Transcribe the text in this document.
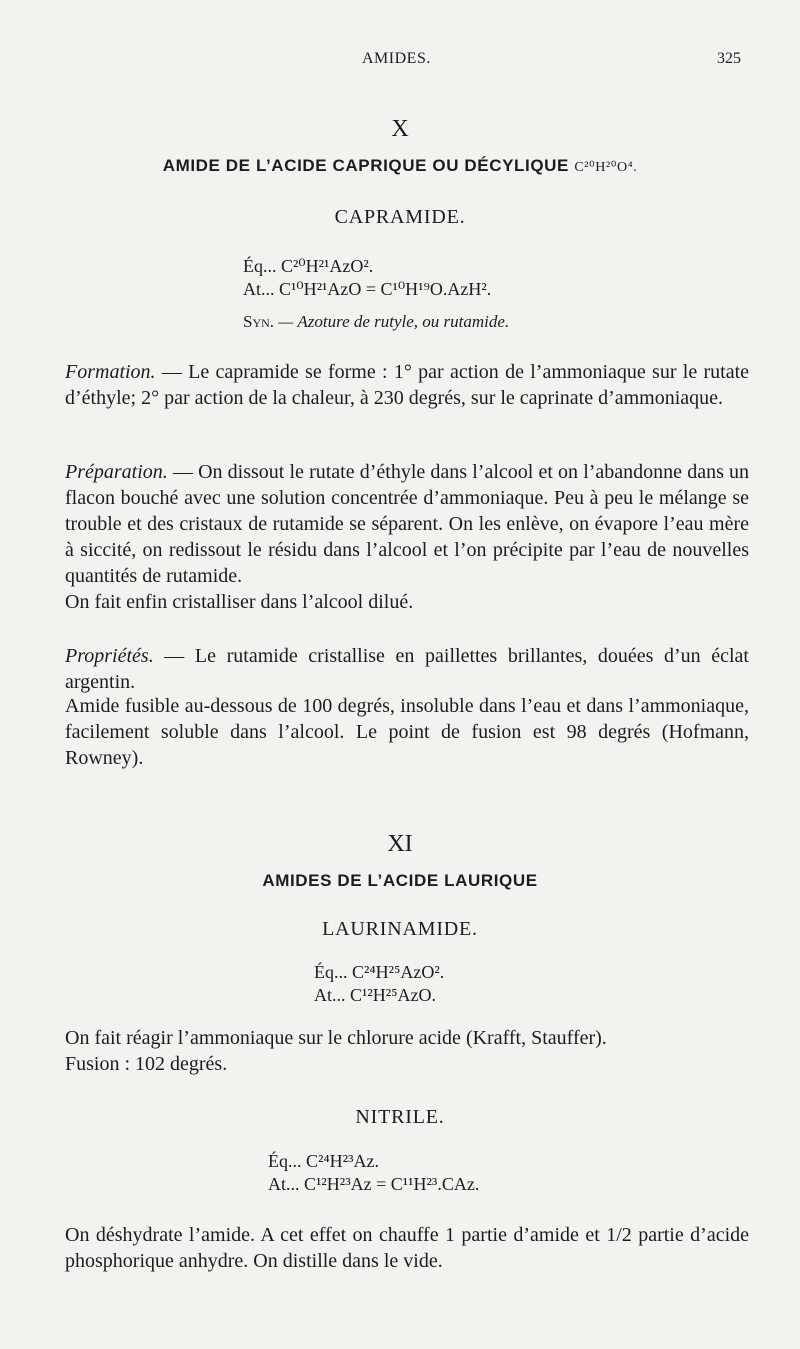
AMIDES.	325
X
AMIDE DE L’ACIDE CAPRIQUE OU DÉCYLIQUE C²⁰H²⁰O⁴.
CAPRAMIDE.
Éq... C²⁰H²¹AzO².
At... C¹⁰H²¹AzO = C¹⁰H¹⁹O.AzH².
Syn. — Azoture de rutyle, ou rutamide.
Formation. — Le capramide se forme : 1° par action de l’ammoniaque sur le rutate d’éthyle; 2° par action de la chaleur, à 230 degrés, sur le caprinate d’ammoniaque.
Préparation. — On dissout le rutate d’éthyle dans l’alcool et on l’abandonne dans un flacon bouché avec une solution concentrée d’ammoniaque. Peu à peu le mélange se trouble et des cristaux de rutamide se séparent. On les enlève, on évapore l’eau mère à siccité, on redissout le résidu dans l’alcool et l’on précipite par l’eau de nouvelles quantités de rutamide.
On fait enfin cristalliser dans l’alcool dilué.
Propriétés. — Le rutamide cristallise en paillettes brillantes, douées d’un éclat argentin.
Amide fusible au-dessous de 100 degrés, insoluble dans l’eau et dans l’ammoniaque, facilement soluble dans l’alcool. Le point de fusion est 98 degrés (Hofmann, Rowney).
XI
AMIDES DE L’ACIDE LAURIQUE
LAURINAMIDE.
Éq... C²⁴H²⁵AzO².
At... C¹²H²⁵AzO.
On fait réagir l’ammoniaque sur le chlorure acide (Krafft, Stauffer).
Fusion : 102 degrés.
NITRILE.
Éq... C²⁴H²³Az.
At... C¹²H²³Az = C¹¹H²³.CAz.
On déshydrate l’amide. A cet effet on chauffe 1 partie d’amide et 1/2 partie d’acide phosphorique anhydre. On distille dans le vide.
